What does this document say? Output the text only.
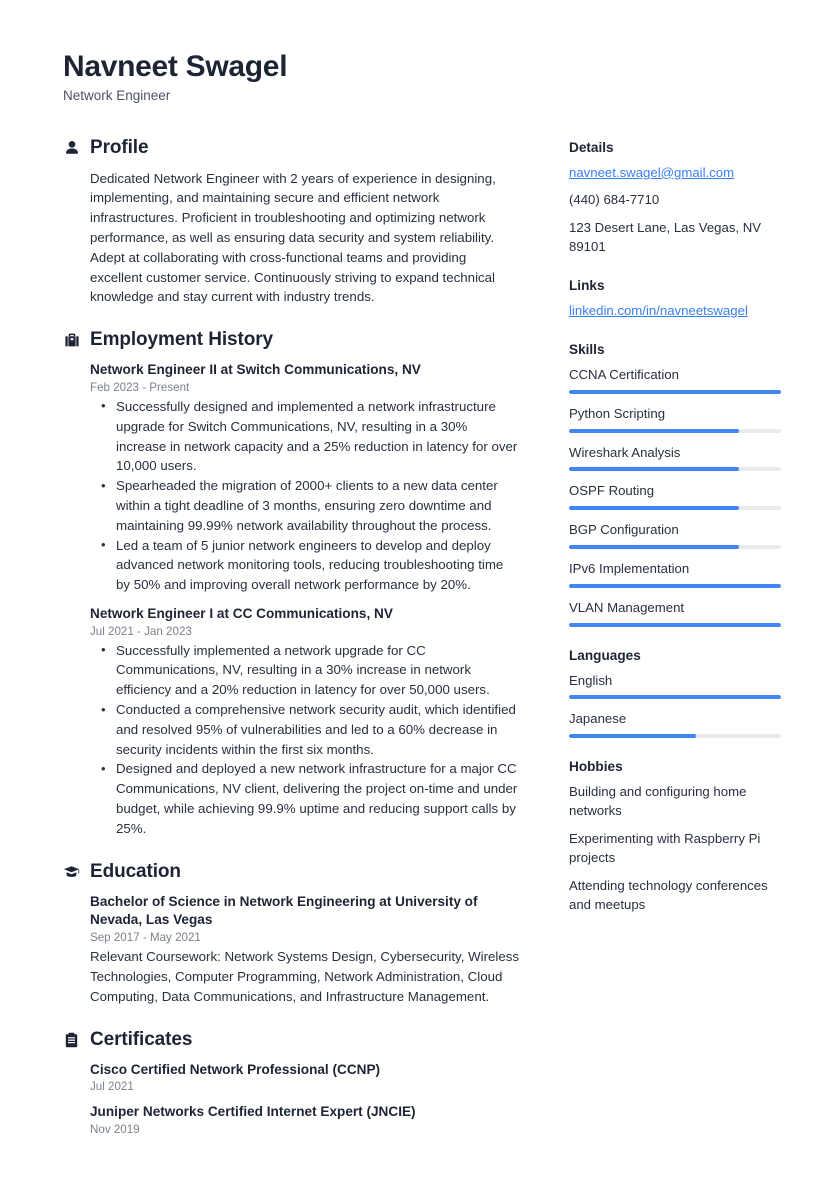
Navneet Swagel
Network Engineer
Profile

Dedicated Network Engineer with 2 years of experience in designing, implementing, and maintaining secure and efficient network infrastructures. Proficient in troubleshooting and optimizing network performance, as well as ensuring data security and system reliability. Adept at collaborating with cross-functional teams and providing excellent customer service. Continuously striving to expand technical knowledge and stay current with industry trends.

Employment History
Network Engineer II at Switch Communications, NV
Feb 2023 - Present
• Successfully designed and implemented a network infrastructure upgrade for Switch Communications, NV, resulting in a 30% increase in network capacity and a 25% reduction in latency for over 10,000 users.
• Spearheaded the migration of 2000+ clients to a new data center within a tight deadline of 3 months, ensuring zero downtime and maintaining 99.99% network availability throughout the process.
• Led a team of 5 junior network engineers to develop and deploy advanced network monitoring tools, reducing troubleshooting time by 50% and improving overall network performance by 20%.
Network Engineer I at CC Communications, NV
Jul 2021 - Jan 2023
• Successfully implemented a network upgrade for CC Communications, NV, resulting in a 30% increase in network efficiency and a 20% reduction in latency for over 50,000 users.
• Conducted a comprehensive network security audit, which identified and resolved 95% of vulnerabilities and led to a 60% decrease in security incidents within the first six months.
• Designed and deployed a new network infrastructure for a major CC Communications, NV client, delivering the project on-time and under budget, while achieving 99.9% uptime and reducing support calls by 25%.
Education
Bachelor of Science in Network Engineering at University of Nevada, Las Vegas
Sep 2017 - May 2021
Relevant Coursework: Network Systems Design, Cybersecurity, Wireless Technologies, Computer Programming, Network Administration, Cloud Computing, Data Communications, and Infrastructure Management.
Certificates
Cisco Certified Network Professional (CCNP)
Jul 2021
Juniper Networks Certified Internet Expert (JNCIE)
Nov 2019
Details
navneet.swagel@gmail.com
(440) 684-7710
123 Desert Lane, Las Vegas, NV 89101
Links
linkedin.com/in/navneetswagel
Skills
CCNA Certification
Python Scripting
Wireshark Analysis
OSPF Routing
BGP Configuration
IPv6 Implementation
VLAN Management
Languages
English
Japanese
Hobbies
Building and configuring home networks
Experimenting with Raspberry Pi projects
Attending technology conferences and meetups
